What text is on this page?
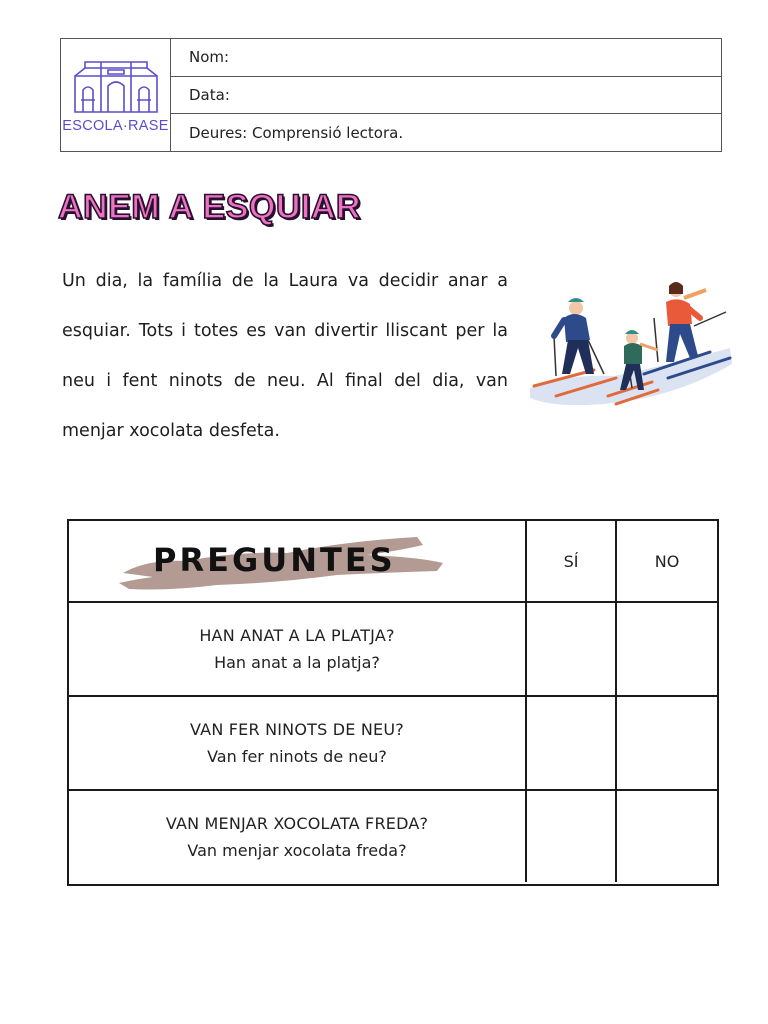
ESCOLA·RASE
Nom:
Data:
Deures: Comprensió lectora.
ANEM A ESQUIAR

Un dia, la família de la Laura va decidir anar a esquiar. Tots i totes es van divertir lliscant per la neu i fent ninots de neu. Al final del dia, van menjar xocolata desfeta.

PREGUNTES	SÍ	NO
HAN ANAT A LA PLATJA?
Han anat a la platja?
VAN FER NINOTS DE NEU?
Van fer ninots de neu?
VAN MENJAR XOCOLATA FREDA?
Van menjar xocolata freda?
